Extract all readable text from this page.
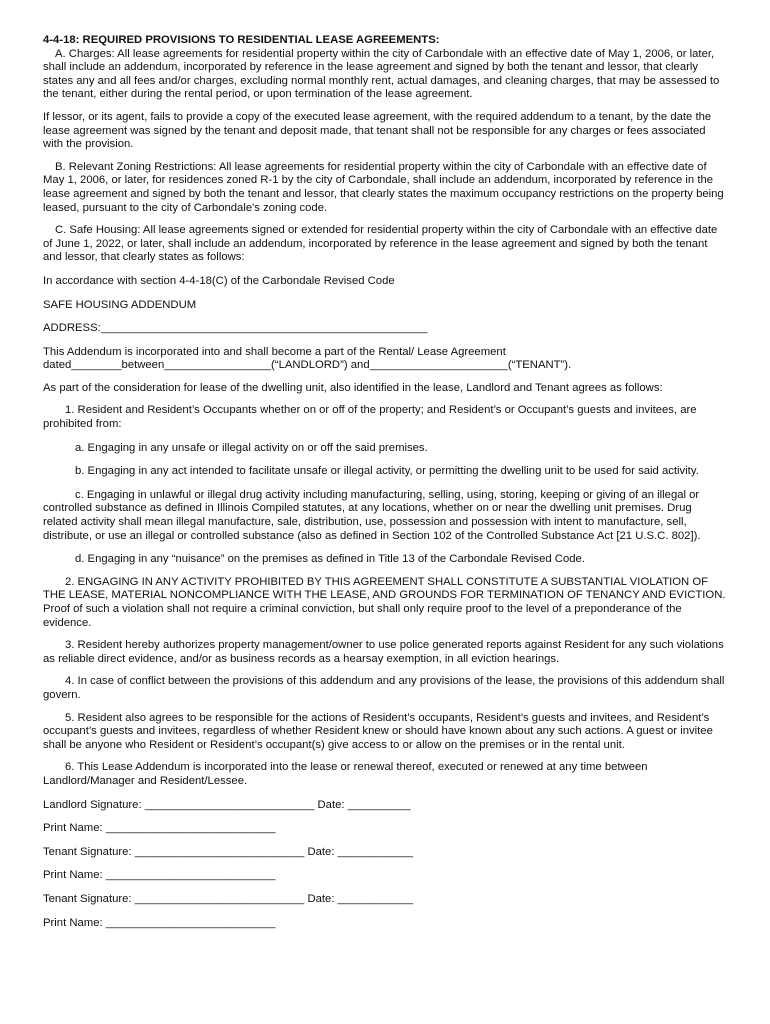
4-4-18: REQUIRED PROVISIONS TO RESIDENTIAL LEASE AGREEMENTS:

A. Charges: All lease agreements for residential property within the city of Carbondale with an effective date of May 1, 2006, or later, shall include an addendum, incorporated by reference in the lease agreement and signed by both the tenant and lessor, that clearly states any and all fees and/or charges, excluding normal monthly rent, actual damages, and cleaning charges, that may be assessed to the tenant, either during the rental period, or upon termination of the lease agreement.

If lessor, or its agent, fails to provide a copy of the executed lease agreement, with the required addendum to a tenant, by the date the lease agreement was signed by the tenant and deposit made, that tenant shall not be responsible for any charges or fees associated with the provision.

B. Relevant Zoning Restrictions: All lease agreements for residential property within the city of Carbondale with an effective date of May 1, 2006, or later, for residences zoned R-1 by the city of Carbondale, shall include an addendum, incorporated by reference in the lease agreement and signed by both the tenant and lessor, that clearly states the maximum occupancy restrictions on the property being leased, pursuant to the city of Carbondale's zoning code.

C. Safe Housing: All lease agreements signed or extended for residential property within the city of Carbondale with an effective date of June 1, 2022, or later, shall include an addendum, incorporated by reference in the lease agreement and signed by both the tenant and lessor, that clearly states as follows:

In accordance with section 4-4-18(C) of the Carbondale Revised Code

SAFE HOUSING ADDENDUM

ADDRESS:____________________________________________________

This Addendum is incorporated into and shall become a part of the Rental/ Lease Agreement

dated________between_________________(“LANDLORD”) and______________________(“TENANT”).

As part of the consideration for lease of the dwelling unit, also identified in the lease, Landlord and Tenant agrees as follows:

1. Resident and Resident’s Occupants whether on or off of the property; and Resident’s or Occupant’s guests and invitees, are prohibited from:

a. Engaging in any unsafe or illegal activity on or off the said premises.

b. Engaging in any act intended to facilitate unsafe or illegal activity, or permitting the dwelling unit to be used for said activity.

c. Engaging in unlawful or illegal drug activity including manufacturing, selling, using, storing, keeping or giving of an illegal or controlled substance as defined in Illinois Compiled statutes, at any locations, whether on or near the dwelling unit premises. Drug related activity shall mean illegal manufacture, sale, distribution, use, possession and possession with intent to manufacture, sell, distribute, or use an illegal or controlled substance (also as defined in Section 102 of the Controlled Substance Act [21 U.S.C. 802]).

d. Engaging in any “nuisance” on the premises as defined in Title 13 of the Carbondale Revised Code.

2. ENGAGING IN ANY ACTIVITY PROHIBITED BY THIS AGREEMENT SHALL CONSTITUTE A SUBSTANTIAL VIOLATION OF THE LEASE, MATERIAL NONCOMPLIANCE WITH THE LEASE, AND GROUNDS FOR TERMINATION OF TENANCY AND EVICTION. Proof of such a violation shall not require a criminal conviction, but shall only require proof to the level of a preponderance of the evidence.

3. Resident hereby authorizes property management/owner to use police generated reports against Resident for any such violations as reliable direct evidence, and/or as business records as a hearsay exemption, in all eviction hearings.

4. In case of conflict between the provisions of this addendum and any provisions of the lease, the provisions of this addendum shall govern.

5. Resident also agrees to be responsible for the actions of Resident’s occupants, Resident’s guests and invitees, and Resident’s occupant’s guests and invitees, regardless of whether Resident knew or should have known about any such actions. A guest or invitee shall be anyone who Resident or Resident’s occupant(s) give access to or allow on the premises or in the rental unit.

6. This Lease Addendum is incorporated into the lease or renewal thereof, executed or renewed at any time between Landlord/Manager and Resident/Lessee.

Landlord Signature: ___________________________ Date: __________

Print Name: ___________________________

Tenant Signature: ___________________________ Date: ____________

Print Name: ___________________________

Tenant Signature: ___________________________ Date: ____________

Print Name: ___________________________
